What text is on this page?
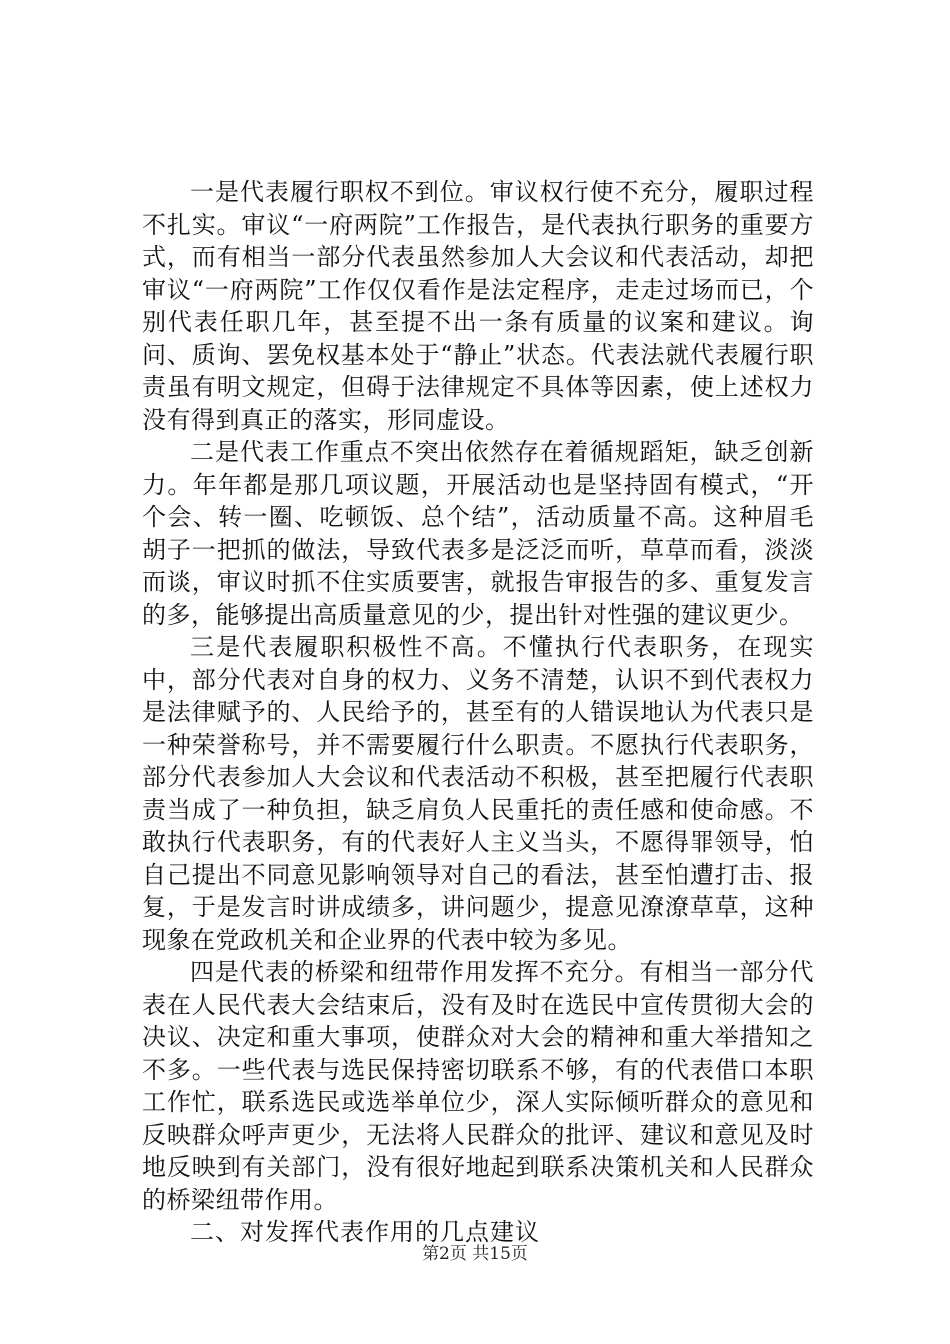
一是代表履行职权不到位。审议权行使不充分，履职过程不扎实。审议“一府两院”工作报告，是代表执行职务的重要方式，而有相当一部分代表虽然参加人大会议和代表活动，却把审议“一府两院”工作仅仅看作是法定程序，走走过场而已，个别代表任职几年，甚至提不出一条有质量的议案和建议。询问、质询、罢免权基本处于“静止”状态。代表法就代表履行职责虽有明文规定，但碍于法律规定不具体等因素，使上述权力没有得到真正的落实，形同虚设。

二是代表工作重点不突出依然存在着循规蹈矩，缺乏创新力。年年都是那几项议题，开展活动也是坚持固有模式，“开个会、转一圈、吃顿饭、总个结”，活动质量不高。这种眉毛胡子一把抓的做法，导致代表多是泛泛而听，草草而看，淡淡而谈，审议时抓不住实质要害，就报告审报告的多、重复发言的多，能够提出高质量意见的少，提出针对性强的建议更少。

三是代表履职积极性不高。不懂执行代表职务，在现实中，部分代表对自身的权力、义务不清楚，认识不到代表权力是法律赋予的、人民给予的，甚至有的人错误地认为代表只是一种荣誉称号，并不需要履行什么职责。不愿执行代表职务，部分代表参加人大会议和代表活动不积极，甚至把履行代表职责当成了一种负担，缺乏肩负人民重托的责任感和使命感。不敢执行代表职务，有的代表好人主义当头，不愿得罪领导，怕自己提出不同意见影响领导对自己的看法，甚至怕遭打击、报复，于是发言时讲成绩多，讲问题少，提意见潦潦草草，这种现象在党政机关和企业界的代表中较为多见。

四是代表的桥梁和纽带作用发挥不充分。有相当一部分代表在人民代表大会结束后，没有及时在选民中宣传贯彻大会的决议、决定和重大事项，使群众对大会的精神和重大举措知之不多。一些代表与选民保持密切联系不够，有的代表借口本职工作忙，联系选民或选举单位少，深人实际倾听群众的意见和反映群众呼声更少，无法将人民群众的批评、建议和意见及时地反映到有关部门，没有很好地起到联系决策机关和人民群众的桥梁纽带作用。

二、对发挥代表作用的几点建议

第2页 共15页
